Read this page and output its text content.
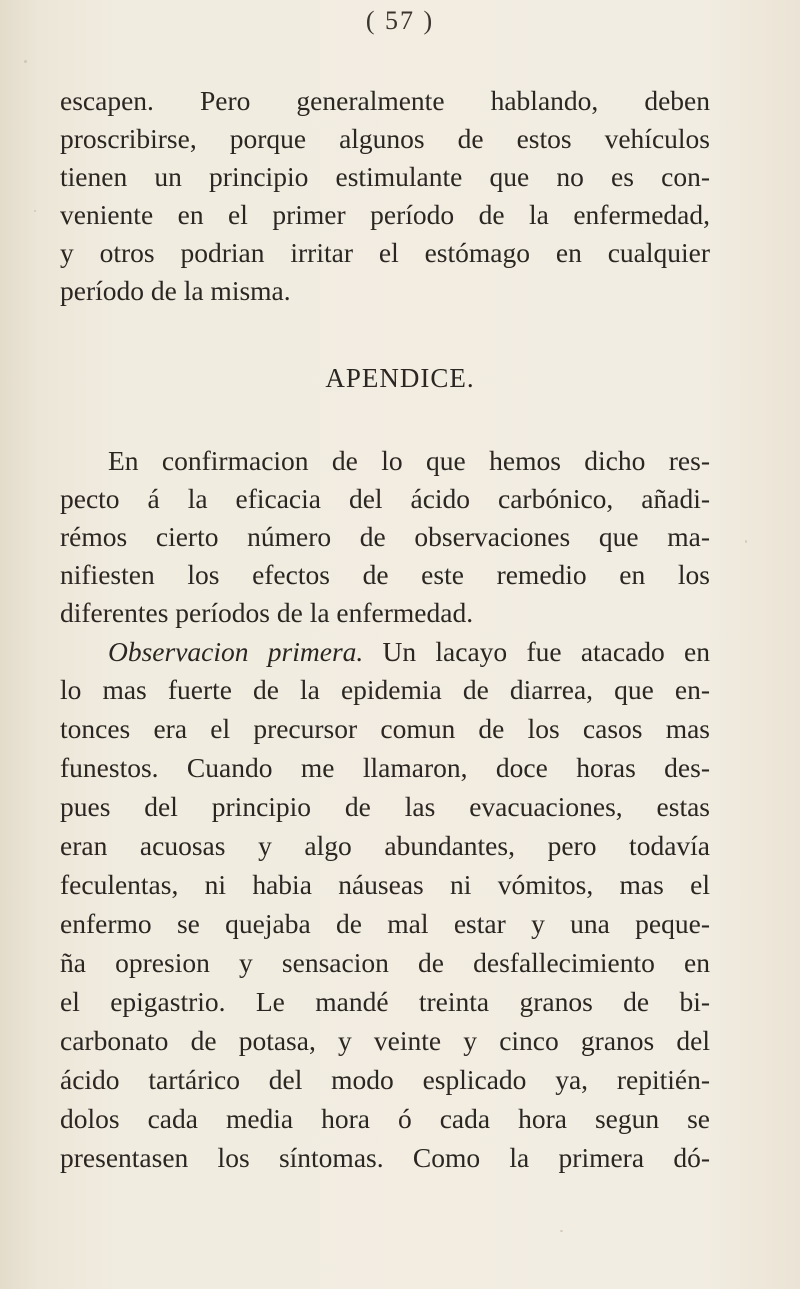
( 57 )
escapen. Pero generalmente hablando, deben
proscribirse, porque algunos de estos vehículos
tienen un principio estimulante que no es con-
veniente en el primer período de la enfermedad,
y otros podrian irritar el estómago en cualquier
período de la misma.
APENDICE.
En confirmacion de lo que hemos dicho res-
pecto á la eficacia del ácido carbónico, añadi-
rémos cierto número de observaciones que ma-
nifiesten los efectos de este remedio en los
diferentes períodos de la enfermedad.
Observacion primera. Un lacayo fue atacado en
lo mas fuerte de la epidemia de diarrea, que en-
tonces era el precursor comun de los casos mas
funestos. Cuando me llamaron, doce horas des-
pues del principio de las evacuaciones, estas
eran acuosas y algo abundantes, pero todavía
feculentas, ni habia náuseas ni vómitos, mas el
enfermo se quejaba de mal estar y una peque-
ña opresion y sensacion de desfallecimiento en
el epigastrio. Le mandé treinta granos de bi-
carbonato de potasa, y veinte y cinco granos del
ácido tartárico del modo esplicado ya, repitién-
dolos cada media hora ó cada hora segun se
presentasen los síntomas. Como la primera dó-
